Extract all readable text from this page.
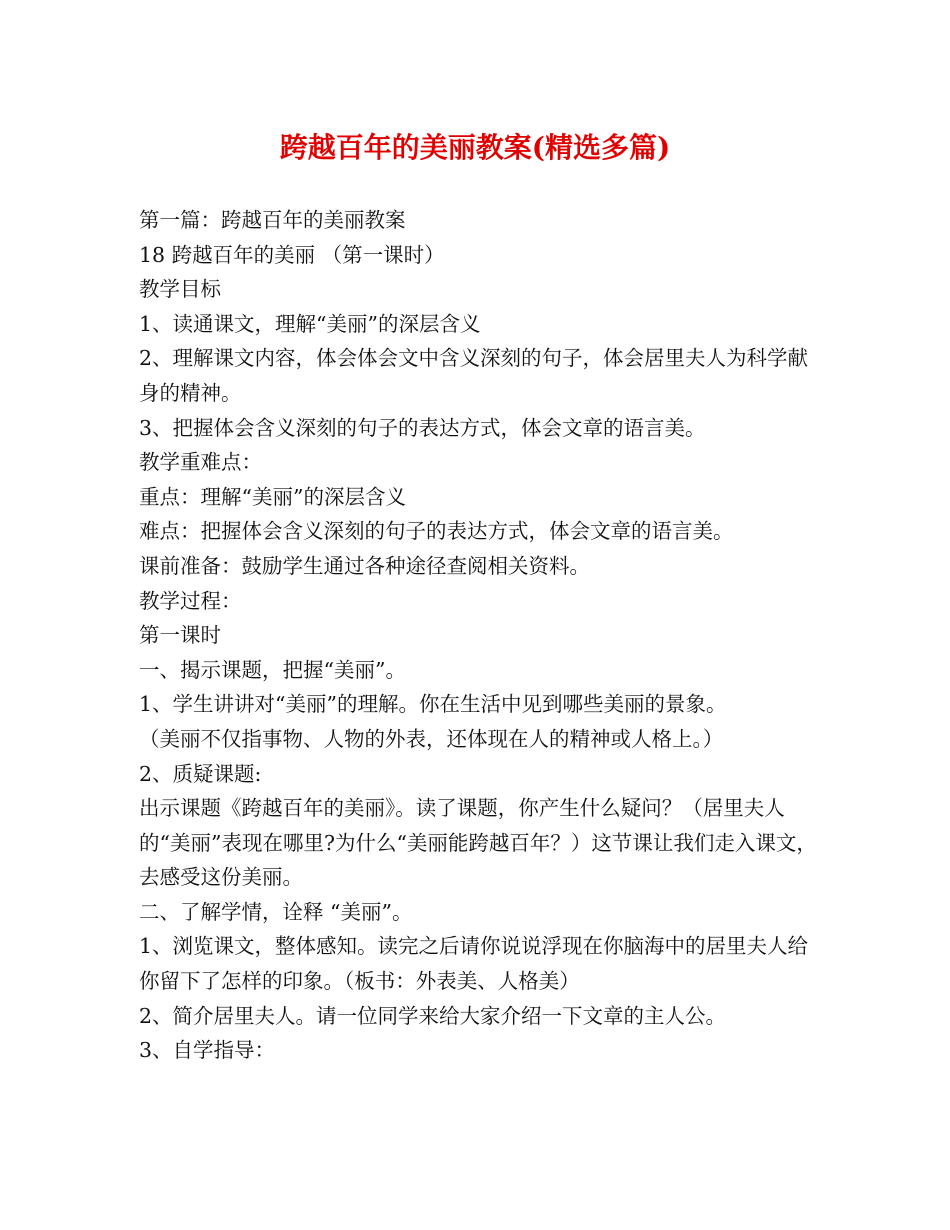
跨越百年的美丽教案(精选多篇)

第一篇：跨越百年的美丽教案

18 跨越百年的美丽 （第一课时）

教学目标

1、读通课文，理解“美丽”的深层含义

2、理解课文内容，体会体会文中含义深刻的句子，体会居里夫人为科学献身的精神。

3、把握体会含义深刻的句子的表达方式，体会文章的语言美。

教学重难点：

重点：理解“美丽”的深层含义

难点：把握体会含义深刻的句子的表达方式，体会文章的语言美。

课前准备：鼓励学生通过各种途径查阅相关资料。

教学过程：

第一课时

一、揭示课题，把握“美丽”。

1、学生讲讲对“美丽”的理解。你在生活中见到哪些美丽的景象。

（美丽不仅指事物、人物的外表，还体现在人的精神或人格上。）

2、质疑课题:

出示课题《跨越百年的美丽》。读了课题，你产生什么疑问？（居里夫人的“美丽”表现在哪里?为什么“美丽能跨越百年？）这节课让我们走入课文，去感受这份美丽。

二、了解学情，诠释 “美丽”。

1、浏览课文，整体感知。读完之后请你说说浮现在你脑海中的居里夫人给你留下了怎样的印象。（板书：外表美、人格美）

2、简介居里夫人。请一位同学来给大家介绍一下文章的主人公。

3、自学指导：
